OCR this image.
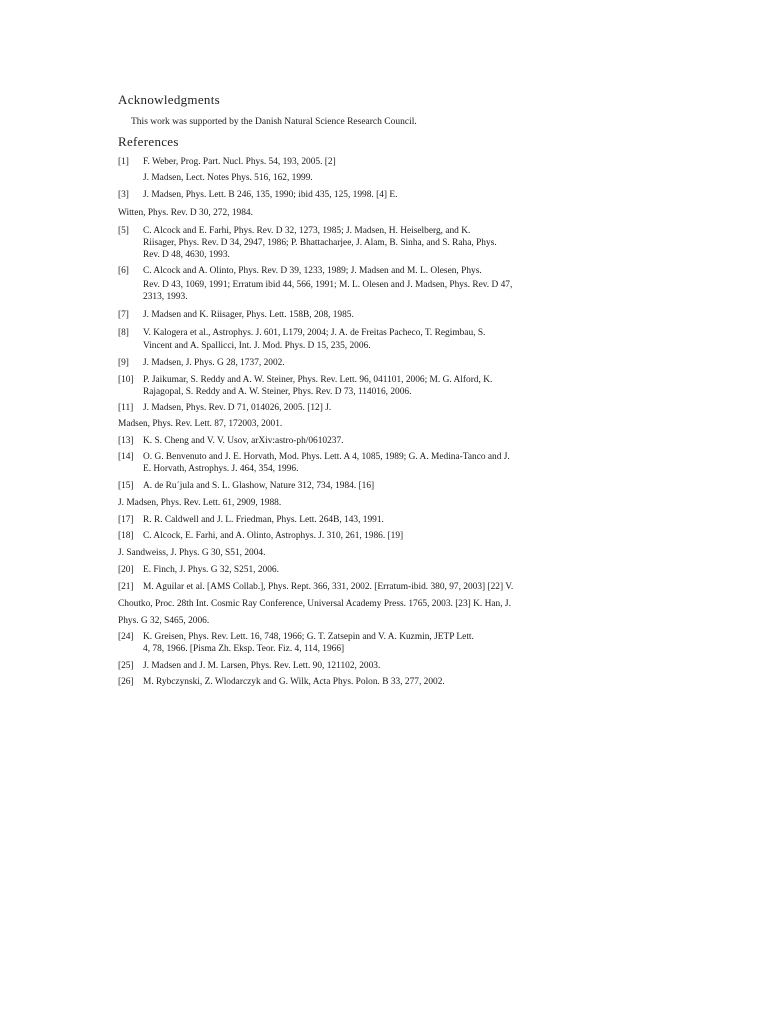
Acknowledgments
This work was supported by the Danish Natural Science Research Council.
References
[1] F. Weber, Prog. Part. Nucl. Phys. 54, 193, 2005. [2]
J. Madsen, Lect. Notes Phys. 516, 162, 1999.
[3] J. Madsen, Phys. Lett. B 246, 135, 1990; ibid 435, 125, 1998. [4] E.
Witten, Phys. Rev. D 30, 272, 1984.
[5] C. Alcock and E. Farhi, Phys. Rev. D 32, 1273, 1985; J. Madsen, H. Heiselberg, and K.
Riisager, Phys. Rev. D 34, 2947, 1986; P. Bhattacharjee, J. Alam, B. Sinha, and S. Raha, Phys.
Rev. D 48, 4630, 1993.
[6] C. Alcock and A. Olinto, Phys. Rev. D 39, 1233, 1989; J. Madsen and M. L. Olesen, Phys.
Rev. D 43, 1069, 1991; Erratum ibid 44, 566, 1991; M. L. Olesen and J. Madsen, Phys. Rev. D 47,
2313, 1993.
[7] J. Madsen and K. Riisager, Phys. Lett. 158B, 208, 1985.
[8] V. Kalogera et al., Astrophys. J. 601, L179, 2004; J. A. de Freitas Pacheco, T. Regimbau, S.
Vincent and A. Spallicci, Int. J. Mod. Phys. D 15, 235, 2006.
[9] J. Madsen, J. Phys. G 28, 1737, 2002.
[10] P. Jaikumar, S. Reddy and A. W. Steiner, Phys. Rev. Lett. 96, 041101, 2006; M. G. Alford, K.
Rajagopal, S. Reddy and A. W. Steiner, Phys. Rev. D 73, 114016, 2006.
[11] J. Madsen, Phys. Rev. D 71, 014026, 2005. [12] J.
Madsen, Phys. Rev. Lett. 87, 172003, 2001.
[13] K. S. Cheng and V. V. Usov, arXiv:astro-ph/0610237.
[14] O. G. Benvenuto and J. E. Horvath, Mod. Phys. Lett. A 4, 1085, 1989; G. A. Medina-Tanco and J.
E. Horvath, Astrophys. J. 464, 354, 1996.
[15] A. de Ru´jula and S. L. Glashow, Nature 312, 734, 1984. [16]
J. Madsen, Phys. Rev. Lett. 61, 2909, 1988.
[17] R. R. Caldwell and J. L. Friedman, Phys. Lett. 264B, 143, 1991.
[18] C. Alcock, E. Farhi, and A. Olinto, Astrophys. J. 310, 261, 1986. [19]
J. Sandweiss, J. Phys. G 30, S51, 2004.
[20] E. Finch, J. Phys. G 32, S251, 2006.
[21] M. Aguilar et al. [AMS Collab.], Phys. Rept. 366, 331, 2002. [Erratum-ibid. 380, 97, 2003] [22] V.
Choutko, Proc. 28th Int. Cosmic Ray Conference, Universal Academy Press. 1765, 2003. [23] K. Han, J.
Phys. G 32, S465, 2006.
[24] K. Greisen, Phys. Rev. Lett. 16, 748, 1966; G. T. Zatsepin and V. A. Kuzmin, JETP Lett.
4, 78, 1966. [Pisma Zh. Eksp. Teor. Fiz. 4, 114, 1966]
[25] J. Madsen and J. M. Larsen, Phys. Rev. Lett. 90, 121102, 2003.
[26] M. Rybczynski, Z. Wlodarczyk and G. Wilk, Acta Phys. Polon. B 33, 277, 2002.
